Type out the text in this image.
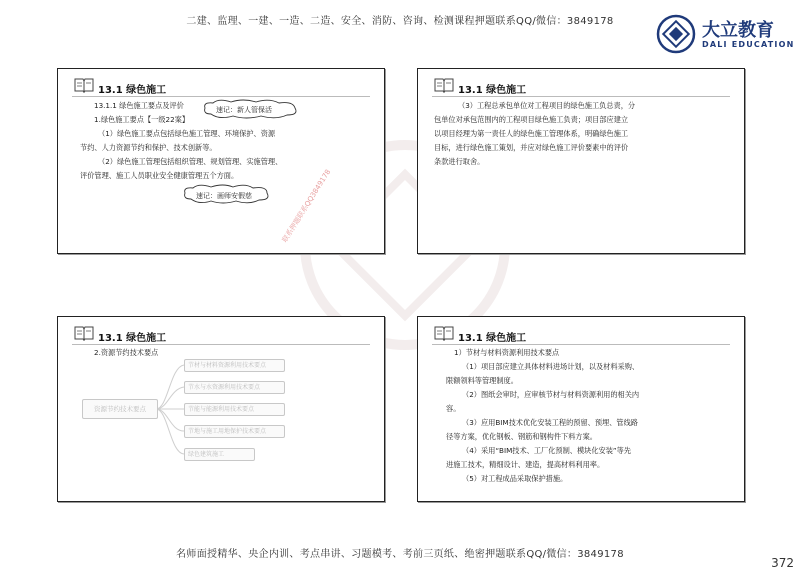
二建、监理、一建、一造、二造、安全、消防、咨询、检测课程押题联系QQ/微信：3849178	大立教育
DALI EDUCATION
13.1 绿色施工
13.1.1 绿色施工要点及评价
1.绿色施工要点【一级22案】
（1）绿色施工要点包括绿色施工管理、环境保护、资源
节约、人力资源节约和保护、技术创新等。
（2）绿色施工管理包括组织管理、规划管理、实施管理、
评价管理、施工人员职业安全健康管理五个方面。
速记：新人管保活
速记：画师安假慈	联系押题联系QQ3849178
13.1 绿色施工
（3）工程总承包单位对工程项目的绿色施工负总责，分
包单位对承包范围内的工程项目绿色施工负责；项目部应建立
以项目经理为第一责任人的绿色施工管理体系，明确绿色施工
目标，进行绿色施工策划，并应对绿色施工评价要素中的评价
条款进行取舍。
13.1 绿色施工
2.资源节约技术要点
资源节约技术要点
节材与材料资源利用技术要点
节水与水资源利用技术要点
节能与能源利用技术要点
节地与施工用地保护技术要点
绿色建筑施工
13.1 绿色施工
1）节材与材料资源利用技术要点
（1）项目部应建立具体材料进场计划，以及材料采购、
限额领料等管理制度。
（2）图纸会审时，应审核节材与材料资源利用的相关内
容。
（3）应用BIM技术优化安装工程的预留、预埋、管线路
径等方案，优化钢板、钢筋和钢构件下料方案。
（4）采用“BIM技术、工厂化预制、模块化安装”等先
进施工技术，精细设计、建造，提高材料利用率。
（5）对工程成品采取保护措施。
名师面授精华、央企内训、考点串讲、习题模考、考前三页纸、绝密押题联系QQ/微信：3849178
372
